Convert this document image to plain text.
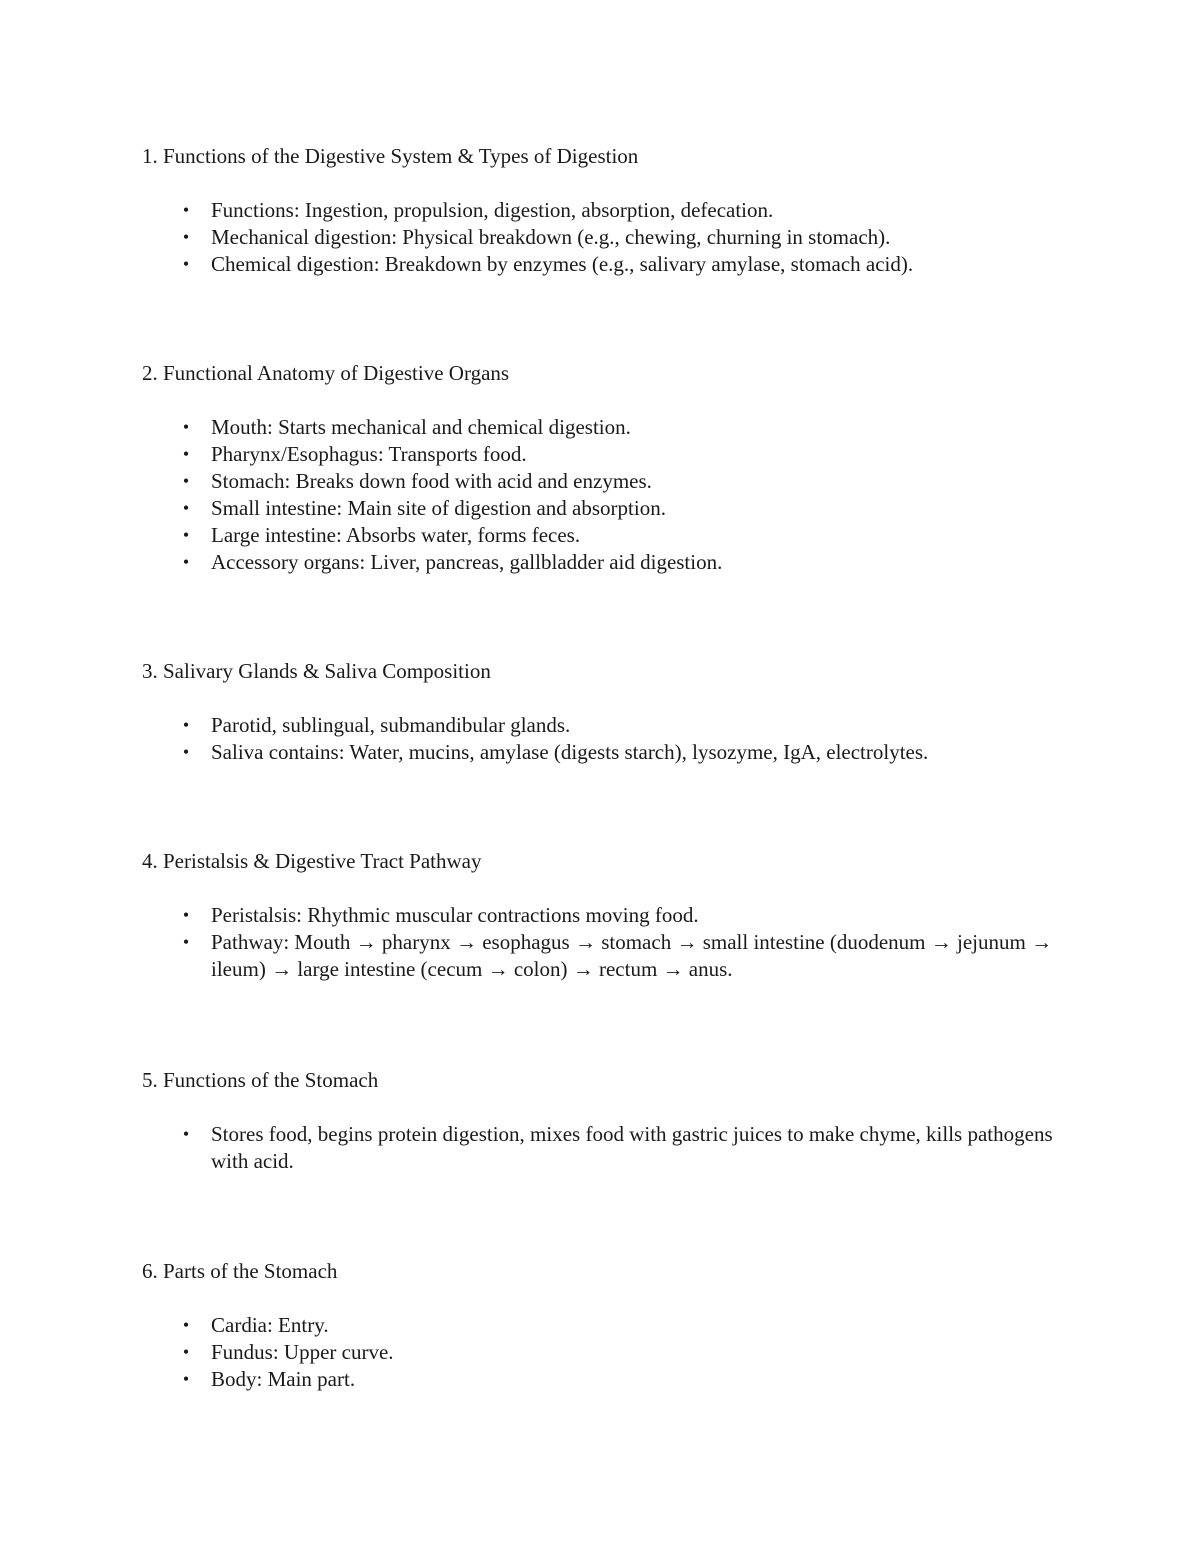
1. Functions of the Digestive System & Types of Digestion
•	Functions: Ingestion, propulsion, digestion, absorption, defecation.
•	Mechanical digestion: Physical breakdown (e.g., chewing, churning in stomach).
•	Chemical digestion: Breakdown by enzymes (e.g., salivary amylase, stomach acid).
2. Functional Anatomy of Digestive Organs
•	Mouth: Starts mechanical and chemical digestion.
•	Pharynx/Esophagus: Transports food.
•	Stomach: Breaks down food with acid and enzymes.
•	Small intestine: Main site of digestion and absorption.
•	Large intestine: Absorbs water, forms feces.
•	Accessory organs: Liver, pancreas, gallbladder aid digestion.
3. Salivary Glands & Saliva Composition
•	Parotid, sublingual, submandibular glands.
•	Saliva contains: Water, mucins, amylase (digests starch), lysozyme, IgA, electrolytes.
4. Peristalsis & Digestive Tract Pathway
•	Peristalsis: Rhythmic muscular contractions moving food.
•	Pathway: Mouth → pharynx → esophagus → stomach → small intestine (duodenum → jejunum → ileum) → large intestine (cecum → colon) → rectum → anus.
5. Functions of the Stomach
•	Stores food, begins protein digestion, mixes food with gastric juices to make chyme, kills pathogens with acid.
6. Parts of the Stomach
•	Cardia: Entry.
•	Fundus: Upper curve.
•	Body: Main part.
